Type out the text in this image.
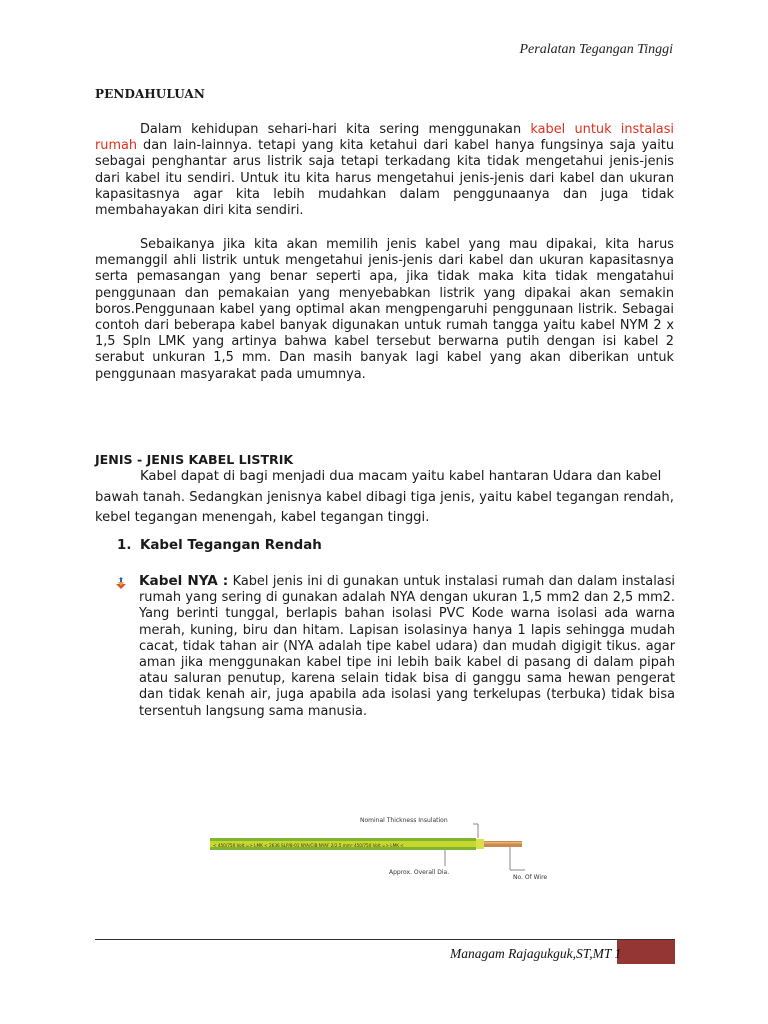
Peralatan Tegangan Tinggi
PENDAHULUAN
Dalam kehidupan sehari-hari kita sering menggunakan kabel untuk instalasi rumah dan lain-lainnya. tetapi yang kita ketahui dari kabel hanya fungsinya saja yaitu sebagai penghantar arus listrik saja tetapi terkadang kita tidak mengetahui jenis-jenis dari kabel itu sendiri. Untuk itu kita harus mengetahui jenis-jenis dari kabel dan ukuran kapasitasnya agar kita lebih mudahkan dalam penggunaanya dan juga tidak membahayakan diri kita sendiri.
Sebaikanya jika kita akan memilih jenis kabel yang mau dipakai, kita harus memanggil ahli listrik untuk mengetahui jenis-jenis dari kabel dan ukuran kapasitasnya serta pemasangan yang benar seperti apa, jika tidak maka kita tidak mengatahui penggunaan dan pemakaian yang menyebabkan listrik yang dipakai akan semakin boros.Penggunaan kabel yang optimal akan mengpengaruhi penggunaan listrik. Sebagai contoh dari beberapa kabel banyak digunakan untuk rumah tangga yaitu kabel NYM 2 x 1,5 Spln LMK yang artinya bahwa kabel tersebut berwarna putih dengan isi kabel 2 serabut unkuran 1,5 mm. Dan masih banyak lagi kabel yang akan diberikan untuk penggunaan masyarakat pada umumnya.
JENIS - JENIS KABEL LISTRIK
Kabel dapat di bagi menjadi dua macam yaitu kabel hantaran Udara dan kabel bawah tanah. Sedangkan jenisnya kabel dibagi tiga jenis, yaitu kabel tegangan rendah, kebel tegangan menengah, kabel tegangan tinggi.
1. Kabel Tegangan Rendah
Kabel NYA : Kabel jenis ini di gunakan untuk instalasi rumah dan dalam instalasi rumah yang sering di gunakan adalah NYA dengan ukuran 1,5 mm2 dan 2,5 mm2. Yang berinti tunggal, berlapis bahan isolasi PVC Kode warna isolasi ada warna merah, kuning, biru dan hitam. Lapisan isolasinya hanya 1 lapis sehingga mudah cacat, tidak tahan air (NYA adalah tipe kabel udara) dan mudah digigit tikus. agar aman jika menggunakan kabel tipe ini lebih baik kabel di pasang di dalam pipah atau saluran penutup, karena selain tidak bisa di ganggu sama hewan pengerat dan tidak kenah air, juga apabila ada isolasi yang terkelupas (terbuka) tidak bisa tersentuh langsung sama manusia.
< 450/750 Volt => LMK < 2636 SLP/8-01 NYA/CIB NYAF 2/2.5 mm² 450/750 Volt => LMK <
Nominal Thickness Insulation
Approx. Overall Dia.
No. Of Wire
Managam Rajagukguk,ST,MT 1
